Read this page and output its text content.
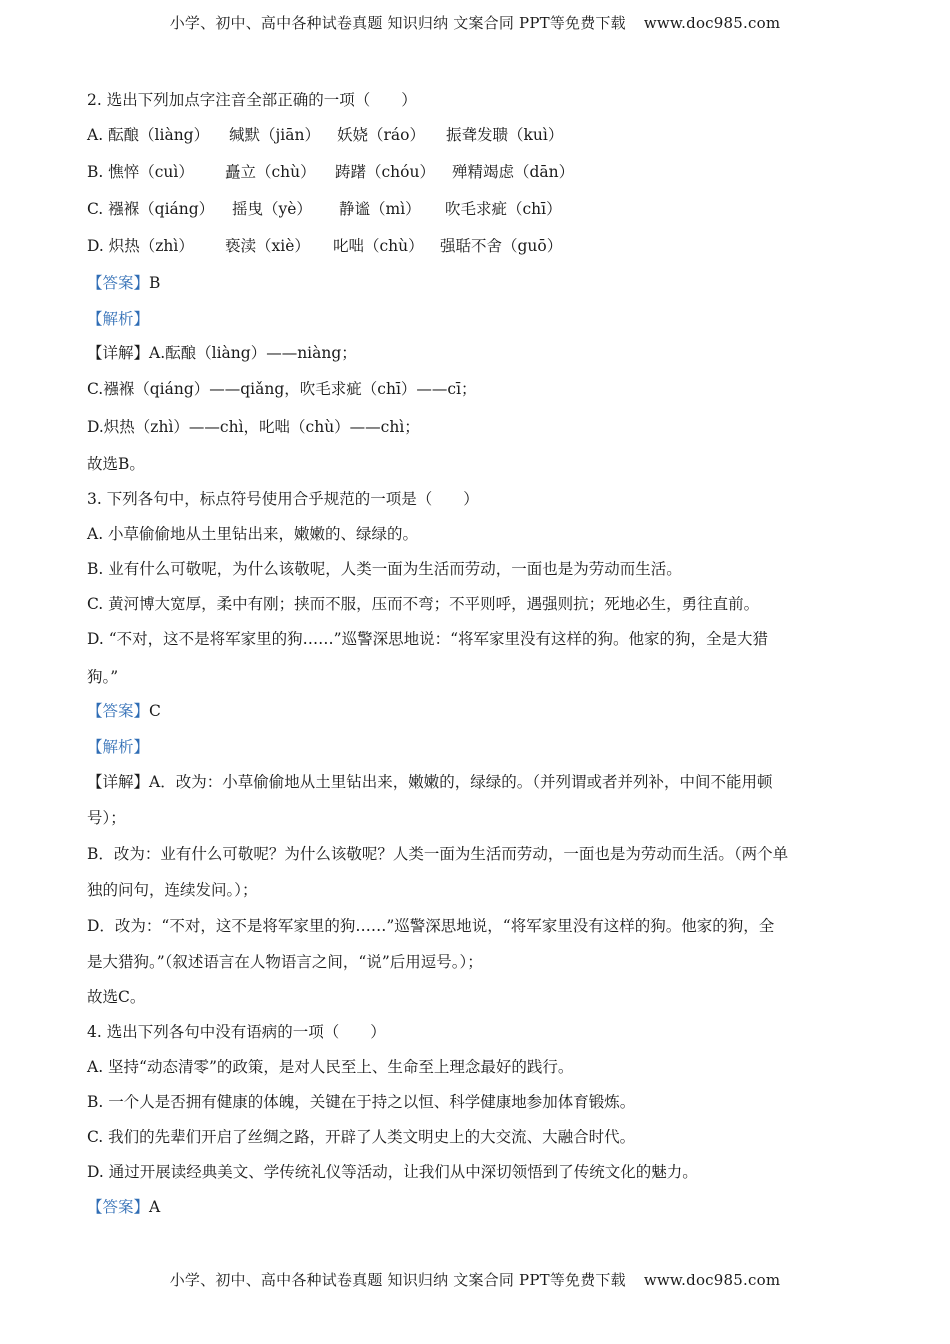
小学、初中、高中各种试卷真题 知识归纳 文案合同 PPT等免费下载 www.doc985.com
2. 选出下列加点字注音全部正确的一项（　　）
A. 酝酿（liàng） 缄默（jiān） 妖娆（ráo） 振聋发聩（kuì）
B. 憔悴（cuì） 矗立（chù） 踌躇（chóu） 殚精竭虑（dān）
C. 襁褓（qiáng） 摇曳（yè） 静谧（mì） 吹毛求疵（chī）
D. 炽热（zhì） 亵渎（xiè） 叱咄（chù） 强聒不舍（guō）
【答案】B
【解析】
【详解】A.酝酿（liàng）——niàng；
C.襁褓（qiáng）——qiǎng，吹毛求疵（chī）——cī；
D.炽热（zhì）——chì，叱咄（chù）——chì；
故选B。
3. 下列各句中，标点符号使用合乎规范的一项是（　　）
A. 小草偷偷地从土里钻出来，嫩嫩的、绿绿的。
B. 业有什么可敬呢，为什么该敬呢，人类一面为生活而劳动，一面也是为劳动而生活。
C. 黄河博大宽厚，柔中有刚；挟而不服，压而不弯；不平则呼，遇强则抗；死地必生，勇往直前。
D. “不对，这不是将军家里的狗……”巡警深思地说：“将军家里没有这样的狗。他家的狗，全是大猎
狗。”
【答案】C
【解析】
【详解】A．改为：小草偷偷地从土里钻出来，嫩嫩的，绿绿的。（并列谓或者并列补，中间不能用顿
号）；
B．改为：业有什么可敬呢？为什么该敬呢？人类一面为生活而劳动，一面也是为劳动而生活。（两个单
独的问句，连续发问。）；
D．改为：“不对，这不是将军家里的狗……”巡警深思地说，“将军家里没有这样的狗。他家的狗，全
是大猎狗。”（叙述语言在人物语言之间，“说”后用逗号。）；
故选C。
4. 选出下列各句中没有语病的一项（　　）
A. 坚持“动态清零”的政策，是对人民至上、生命至上理念最好的践行。
B. 一个人是否拥有健康的体魄，关键在于持之以恒、科学健康地参加体育锻炼。
C. 我们的先辈们开启了丝绸之路，开辟了人类文明史上的大交流、大融合时代。
D. 通过开展读经典美文、学传统礼仪等活动，让我们从中深切领悟到了传统文化的魅力。
【答案】A
小学、初中、高中各种试卷真题 知识归纳 文案合同 PPT等免费下载 www.doc985.com
